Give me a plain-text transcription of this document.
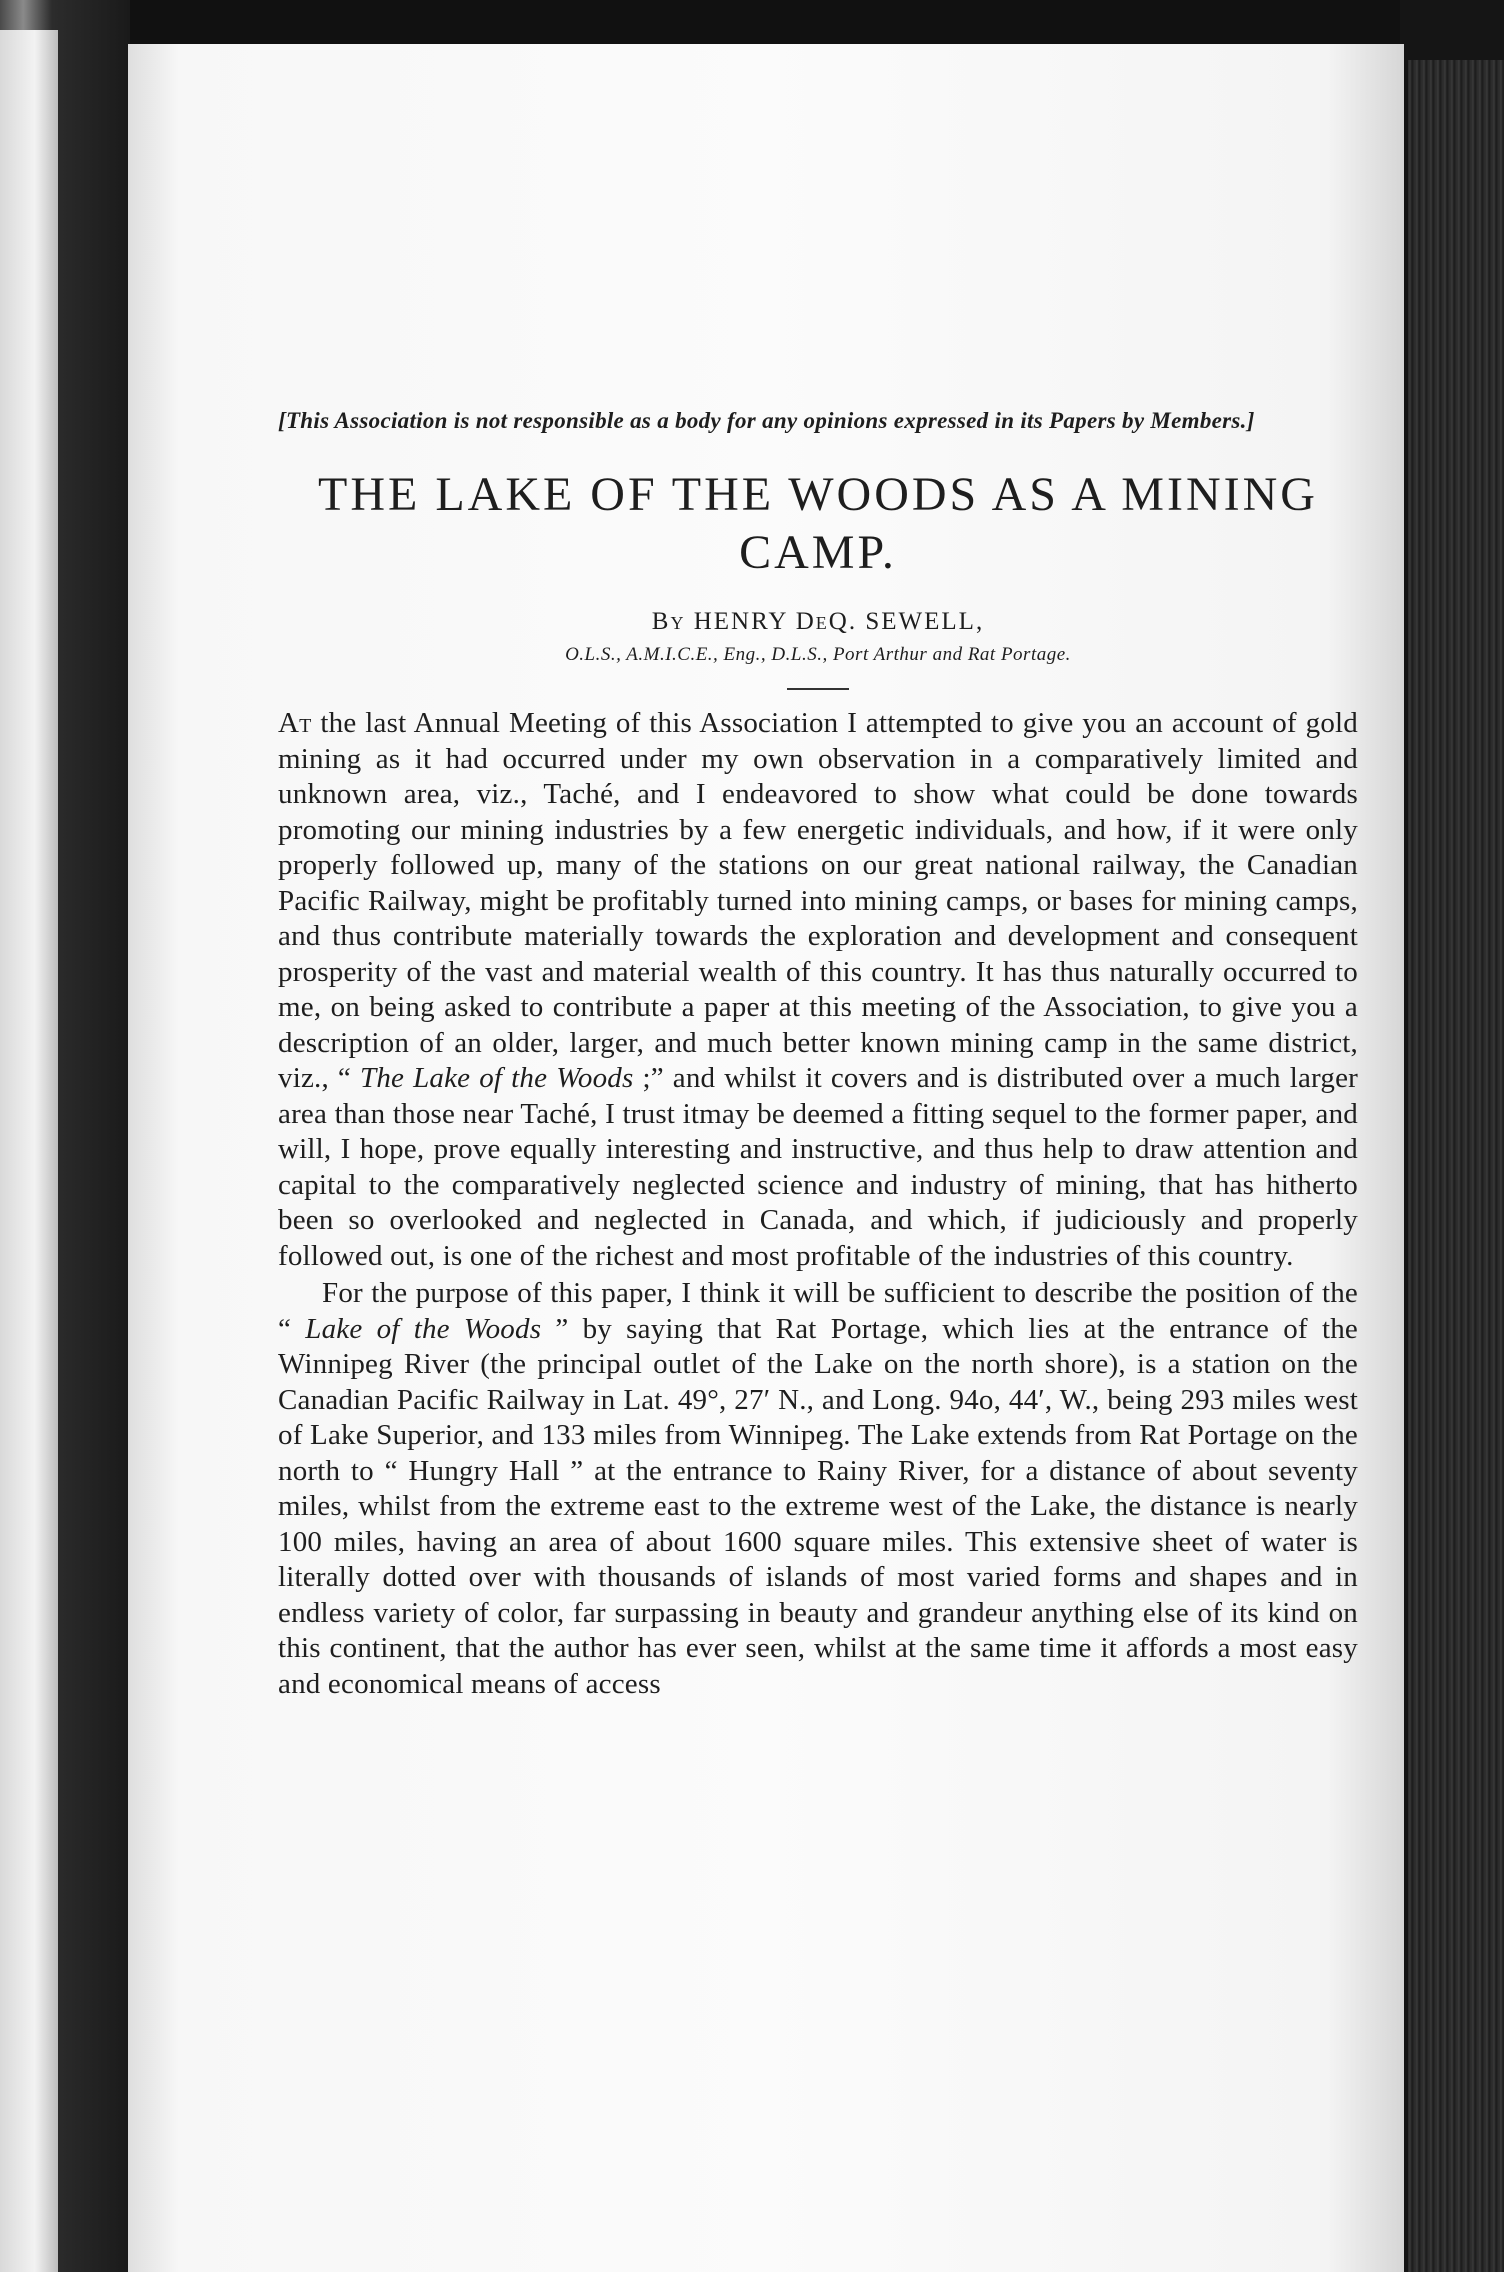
[This Association is not responsible as a body for any opinions expressed in its Papers by Members.]
THE LAKE OF THE WOODS AS A MINING CAMP.
By HENRY DeQ. SEWELL,
O.L.S., A.M.I.C.E., Eng., D.L.S., Port Arthur and Rat Portage.

At the last Annual Meeting of this Association I attempted to give you an account of gold mining as it had occurred under my own observation in a comparatively limited and unknown area, viz., Taché, and I endeavored to show what could be done towards promoting our mining industries by a few energetic individuals, and how, if it were only properly followed up, many of the stations on our great national railway, the Canadian Pacific Railway, might be profitably turned into mining camps, or bases for mining camps, and thus contribute materially towards the exploration and development and consequent prosperity of the vast and material wealth of this country. It has thus naturally occurred to me, on being asked to contribute a paper at this meeting of the Association, to give you a description of an older, larger, and much better known mining camp in the same district, viz., “ The Lake of the Woods ;” and whilst it covers and is distributed over a much larger area than those near Taché, I trust itmay be deemed a fitting sequel to the former paper, and will, I hope, prove equally interesting and instructive, and thus help to draw attention and capital to the comparatively neglected science and industry of mining, that has hitherto been so overlooked and neglected in Canada, and which, if judiciously and properly followed out, is one of the richest and most profitable of the industries of this country.

For the purpose of this paper, I think it will be sufficient to describe the position of the “ Lake of the Woods ” by saying that Rat Portage, which lies at the entrance of the Winnipeg River (the principal outlet of the Lake on the north shore), is a station on the Canadian Pacific Railway in Lat. 49°, 27′ N., and Long. 94o, 44′, W., being 293 miles west of Lake Superior, and 133 miles from Winnipeg. The Lake extends from Rat Portage on the north to “ Hungry Hall ” at the entrance to Rainy River, for a distance of about seventy miles, whilst from the extreme east to the extreme west of the Lake, the distance is nearly 100 miles, having an area of about 1600 square miles. This extensive sheet of water is literally dotted over with thousands of islands of most varied forms and shapes and in endless variety of color, far surpassing in beauty and grandeur anything else of its kind on this continent, that the author has ever seen, whilst at the same time it affords a most easy and economical means of access
